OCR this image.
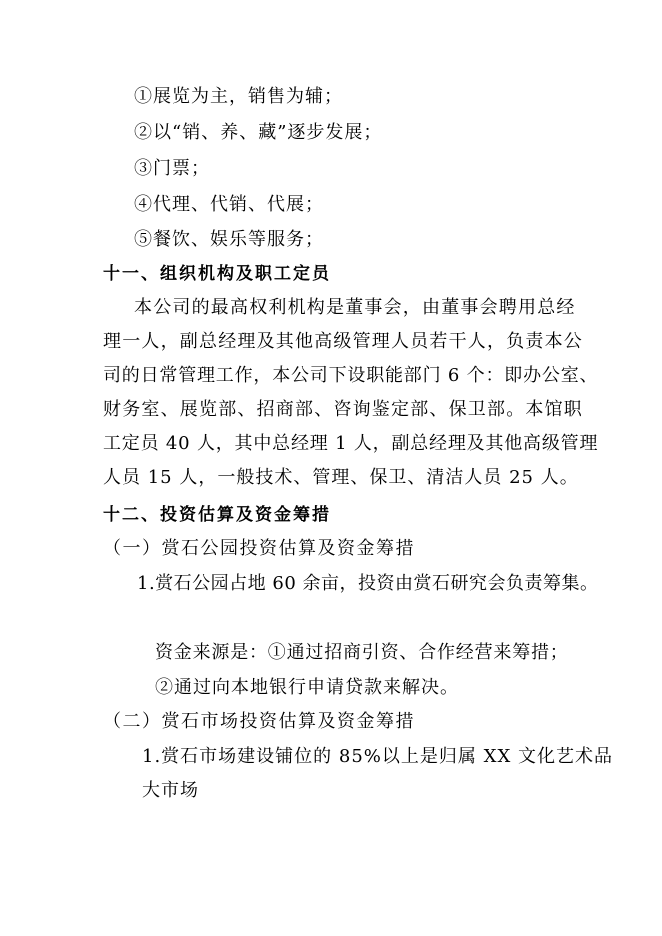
①展览为主，销售为辅；
②以“销、养、藏”逐步发展；
③门票；
④代理、代销、代展；
⑤餐饮、娱乐等服务；
十一、组织机构及职工定员
本公司的最高权利机构是董事会，由董事会聘用总经
理一人，副总经理及其他高级管理人员若干人，负责本公
司的日常管理工作，本公司下设职能部门 6 个：即办公室、
财务室、展览部、招商部、咨询鉴定部、保卫部。本馆职
工定员 40 人，其中总经理 1 人，副总经理及其他高级管理
人员 15 人，一般技术、管理、保卫、清洁人员 25 人。
十二、投资估算及资金筹措
（一）赏石公园投资估算及资金筹措
1.赏石公园占地 60 余亩，投资由赏石研究会负责筹集。
资金来源是：①通过招商引资、合作经营来筹措；
②通过向本地银行申请贷款来解决。
（二）赏石市场投资估算及资金筹措
1.赏石市场建设铺位的 85%以上是归属 XX 文化艺术品
大市场
